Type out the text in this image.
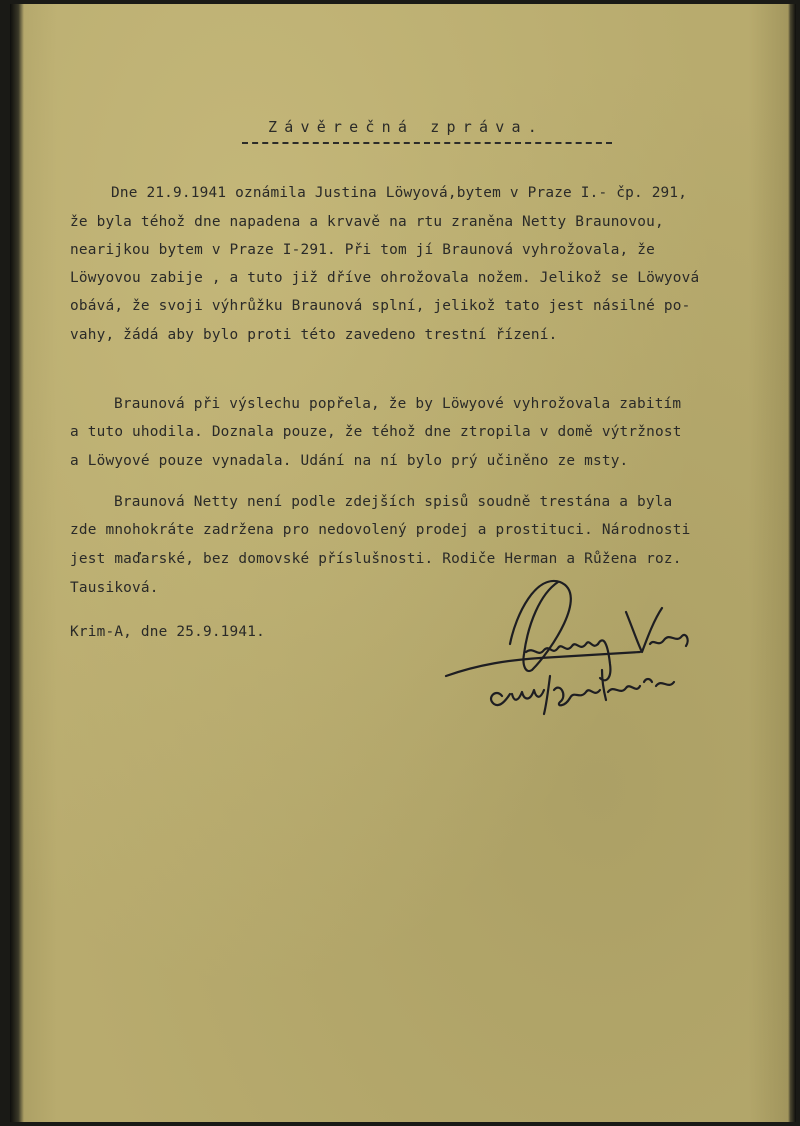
Závěrečná zpráva.
Dne 21.9.1941 oznámila Justina Löwyová,bytem v Praze I.- čp. 291,
že byla téhož dne napadena a krvavě na rtu zraněna Netty Braunovou,
nearijkou bytem v Praze I-291. Při tom jí Braunová vyhrožovala, že
Löwyovou zabije , a tuto již dříve ohrožovala nožem. Jelikož se Löwyová
obává, že svoji výhrůžku Braunová splní, jelikož tato jest násilné po-
vahy, žádá aby bylo proti této zavedeno trestní řízení.
Braunová při výslechu popřela, že by Löwyové vyhrožovala zabitím
a tuto uhodila. Doznala pouze, že téhož dne ztropila v domě výtržnost
a Löwyové pouze vynadala. Udání na ní bylo prý učiněno ze msty.
Braunová Netty není podle zdejších spisů soudně trestána a byla
zde mnohokráte zadržena pro nedovolený prodej a prostituci. Národnosti
jest maďarské, bez domovské příslušnosti. Rodiče Herman a Růžena roz.
Tausiková.
Krim-A, dne 25.9.1941.
